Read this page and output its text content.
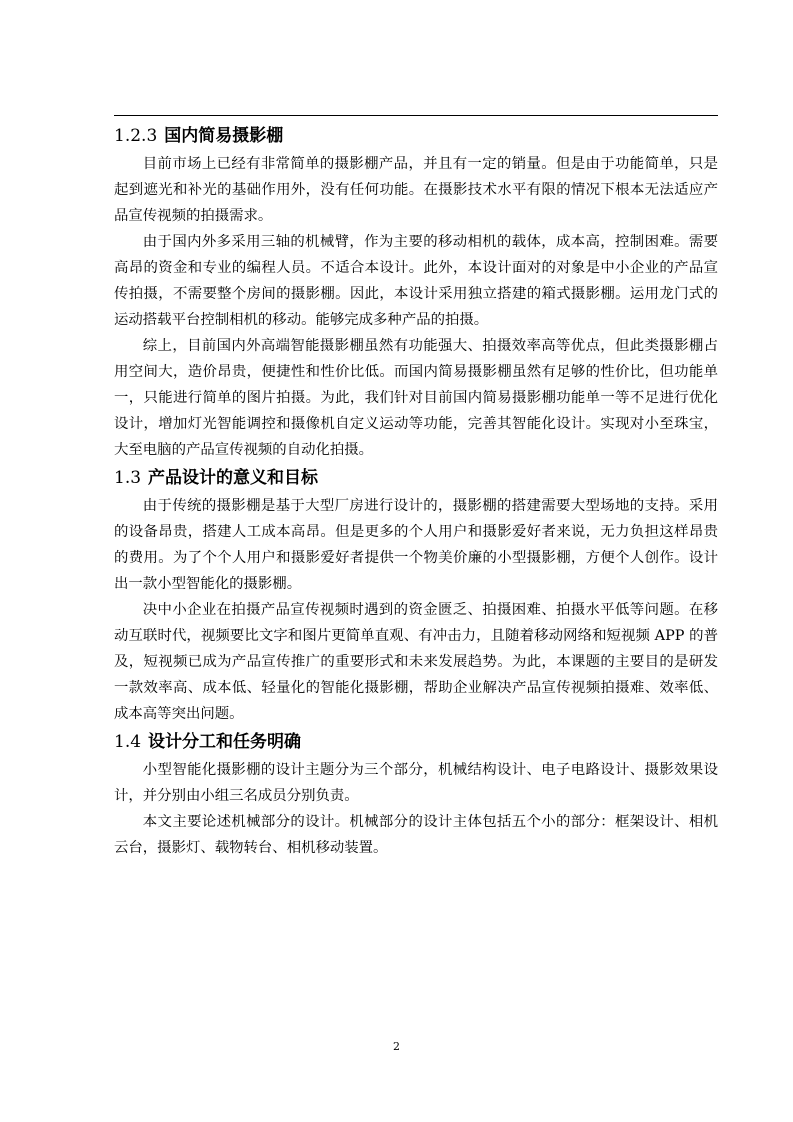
1.2.3 国内简易摄影棚

目前市场上已经有非常简单的摄影棚产品，并且有一定的销量。但是由于功能简单，只是起到遮光和补光的基础作用外，没有任何功能。在摄影技术水平有限的情况下根本无法适应产品宣传视频的拍摄需求。

由于国内外多采用三轴的机械臂，作为主要的移动相机的载体，成本高，控制困难。需要高昂的资金和专业的编程人员。不适合本设计。此外，本设计面对的对象是中小企业的产品宣传拍摄，不需要整个房间的摄影棚。因此，本设计采用独立搭建的箱式摄影棚。运用龙门式的运动搭载平台控制相机的移动。能够完成多种产品的拍摄。

综上，目前国内外高端智能摄影棚虽然有功能强大、拍摄效率高等优点，但此类摄影棚占用空间大，造价昂贵，便捷性和性价比低。而国内简易摄影棚虽然有足够的性价比，但功能单一，只能进行简单的图片拍摄。为此，我们针对目前国内简易摄影棚功能单一等不足进行优化设计，增加灯光智能调控和摄像机自定义运动等功能，完善其智能化设计。实现对小至珠宝，大至电脑的产品宣传视频的自动化拍摄。

1.3 产品设计的意义和目标

由于传统的摄影棚是基于大型厂房进行设计的，摄影棚的搭建需要大型场地的支持。采用的设备昂贵，搭建人工成本高昂。但是更多的个人用户和摄影爱好者来说，无力负担这样昂贵的费用。为了个个人用户和摄影爱好者提供一个物美价廉的小型摄影棚，方便个人创作。设计出一款小型智能化的摄影棚。

决中小企业在拍摄产品宣传视频时遇到的资金匮乏、拍摄困难、拍摄水平低等问题。在移动互联时代，视频要比文字和图片更简单直观、有冲击力，且随着移动网络和短视频 APP 的普及，短视频已成为产品宣传推广的重要形式和未来发展趋势。为此，本课题的主要目的是研发一款效率高、成本低、轻量化的智能化摄影棚，帮助企业解决产品宣传视频拍摄难、效率低、成本高等突出问题。

1.4 设计分工和任务明确

小型智能化摄影棚的设计主题分为三个部分，机械结构设计、电子电路设计、摄影效果设计，并分别由小组三名成员分别负责。

本文主要论述机械部分的设计。机械部分的设计主体包括五个小的部分：框架设计、相机云台，摄影灯、载物转台、相机移动装置。

2
